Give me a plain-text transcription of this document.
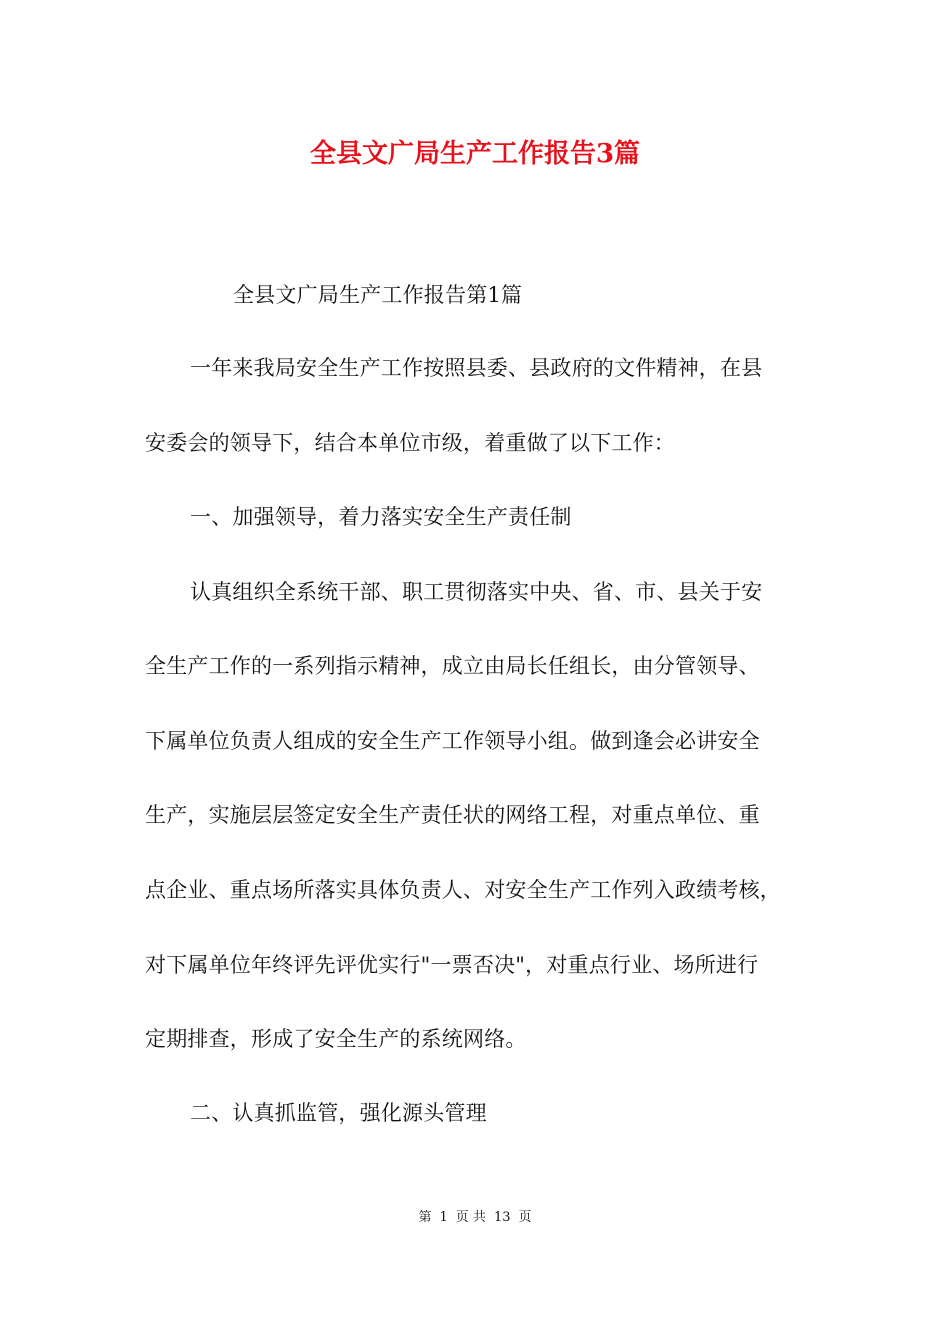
全县文广局生产工作报告3篇
全县文广局生产工作报告第1篇
一年来我局安全生产工作按照县委、县政府的文件精神，在县
安委会的领导下，结合本单位市级，着重做了以下工作：
一、加强领导，着力落实安全生产责任制
认真组织全系统干部、职工贯彻落实中央、省、市、县关于安
全生产工作的一系列指示精神，成立由局长任组长，由分管领导、
下属单位负责人组成的安全生产工作领导小组。做到逢会必讲安全
生产，实施层层签定安全生产责任状的网络工程，对重点单位、重
点企业、重点场所落实具体负责人、对安全生产工作列入政绩考核，
对下属单位年终评先评优实行"一票否决"，对重点行业、场所进行
定期排查，形成了安全生产的系统网络。
二、认真抓监管，强化源头管理
第 1 页 共 13 页
